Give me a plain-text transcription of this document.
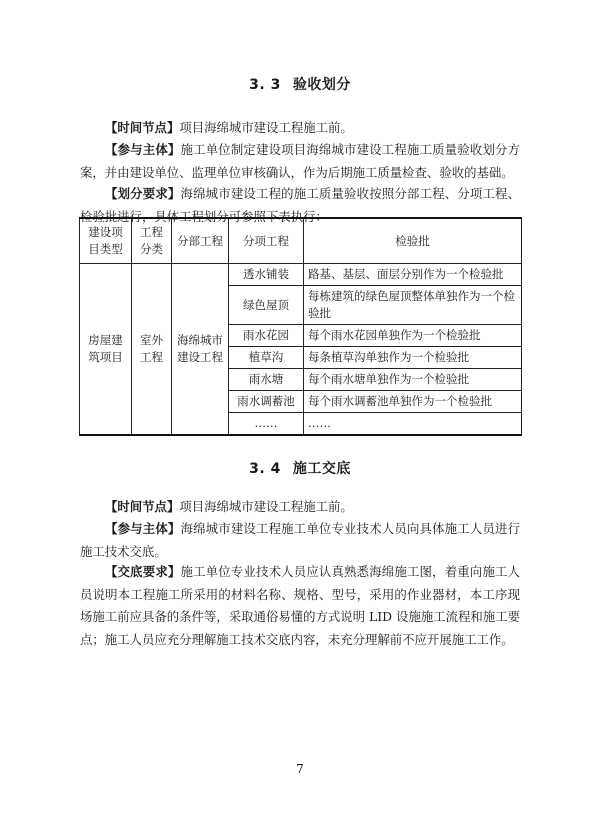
3. 3 验收划分

【时间节点】项目海绵城市建设工程施工前。

【参与主体】施工单位制定建设项目海绵城市建设工程施工质量验收划分方案，并由建设单位、监理单位审核确认，作为后期施工质量检查、验收的基础。

【划分要求】海绵城市建设工程的施工质量验收按照分部工程、分项工程、检验批进行，具体工程划分可参照下表执行：

建设项目类型	工程分类	分部工程	分项工程	检验批
房屋建筑项目	室外工程	海绵城市建设工程	透水铺装	路基、基层、面层分别作为一个检验批
			绿色屋顶	每栋建筑的绿色屋顶整体单独作为一个检验批
			雨水花园	每个雨水花园单独作为一个检验批
			植草沟	每条植草沟单独作为一个检验批
			雨水塘	每个雨水塘单独作为一个检验批
			雨水调蓄池	每个雨水调蓄池单独作为一个检验批
			……	……
3. 4 施工交底

【时间节点】项目海绵城市建设工程施工前。

【参与主体】海绵城市建设工程施工单位专业技术人员向具体施工人员进行施工技术交底。

【交底要求】施工单位专业技术人员应认真熟悉海绵施工图，着重向施工人员说明本工程施工所采用的材料名称、规格、型号，采用的作业器材，本工序现场施工前应具备的条件等，采取通俗易懂的方式说明 LID 设施施工流程和施工要点；施工人员应充分理解施工技术交底内容，未充分理解前不应开展施工工作。

7
